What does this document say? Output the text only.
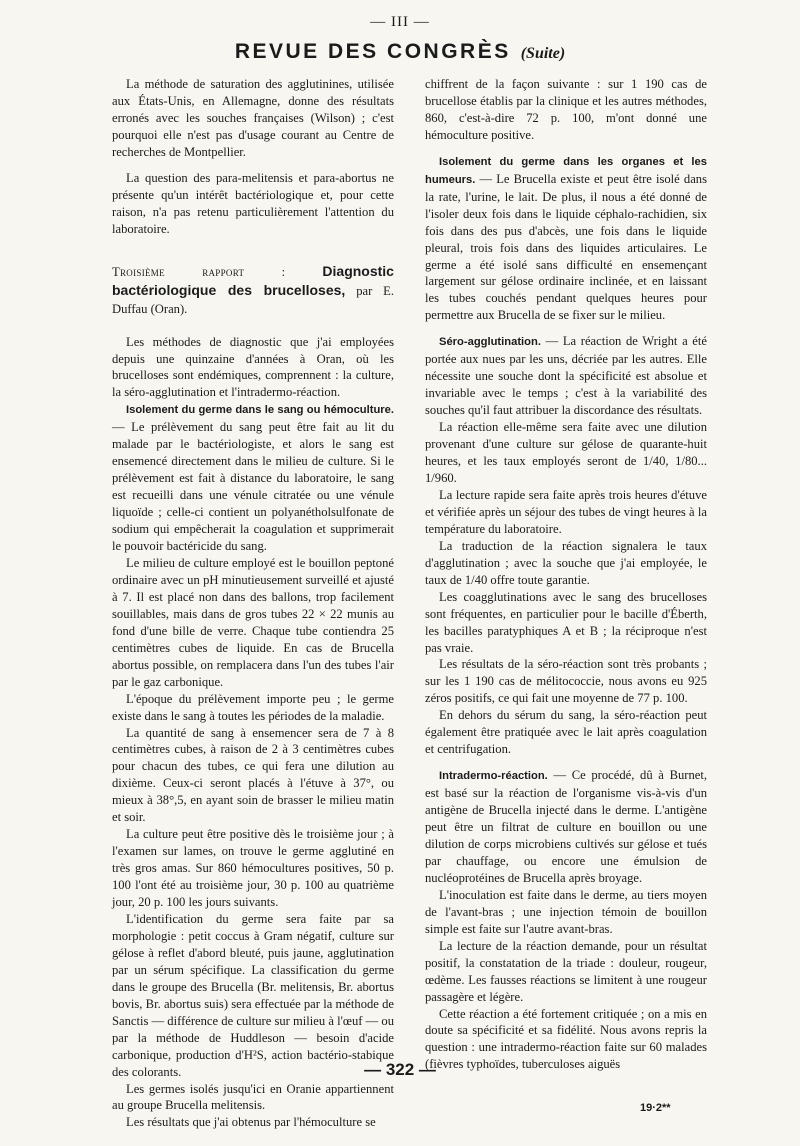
— III —
REVUE DES CONGRÈS (Suite)

La méthode de saturation des agglutinines, utilisée aux États-Unis, en Allemagne, donne des résultats erronés avec les souches françaises (Wilson) ; c'est pourquoi elle n'est pas d'usage courant au Centre de recherches de Montpellier.

La question des para-melitensis et para-abortus ne présente qu'un intérêt bactériologique et, pour cette raison, n'a pas retenu particulièrement l'attention du laboratoire.

Troisième rapport :	Diagnostic bactériologique des brucelloses, par E. Duffau (Oran).

Les méthodes de diagnostic que j'ai employées depuis une quinzaine d'années à Oran, où les brucelloses sont endémiques, comprennent : la culture, la séro-agglutination et l'intradermo-réaction.

Isolement du germe dans le sang ou hémoculture. — Le prélèvement du sang peut être fait au lit du malade par le bactériologiste, et alors le sang est ensemencé directement dans le milieu de culture. Si le prélèvement est fait à distance du laboratoire, le sang est recueilli dans une vénule citratée ou une vénule liquoïde ; celle-ci contient un polyanétholsulfonate de sodium qui empêcherait la coagulation et supprimerait le pouvoir bactéricide du sang.

Le milieu de culture employé est le bouillon peptoné ordinaire avec un pH minutieusement surveillé et ajusté à 7. Il est placé non dans des ballons, trop facilement souillables, mais dans de gros tubes 22 × 22 munis au fond d'une bille de verre. Chaque tube contiendra 25 centimètres cubes de liquide. En cas de Brucella abortus possible, on remplacera dans l'un des tubes l'air par le gaz carbonique.

L'époque du prélèvement importe peu ; le germe existe dans le sang à toutes les périodes de la maladie.

La quantité de sang à ensemencer sera de 7 à 8 centimètres cubes, à raison de 2 à 3 centimètres cubes pour chacun des tubes, ce qui fera une dilution au dixième. Ceux-ci seront placés à l'étuve à 37°, ou mieux à 38°,5, en ayant soin de brasser le milieu matin et soir.

La culture peut être positive dès le troisième jour ; à l'examen sur lames, on trouve le germe agglutiné en très gros amas. Sur 860 hémocultures positives, 50 p. 100 l'ont été au troisième jour, 30 p. 100 au quatrième jour, 20 p. 100 les jours suivants.

L'identification du germe sera faite par sa morphologie : petit coccus à Gram négatif, culture sur gélose à reflet d'abord bleuté, puis jaune, agglutination par un sérum spécifique. La classification du germe dans le groupe des Brucella (Br. melitensis, Br. abortus bovis, Br. abortus suis) sera effectuée par la méthode de Sanctis — différence de culture sur milieu à l'œuf — ou par la méthode de Huddleson — besoin d'acide carbonique, production d'H²S, action bactério-stabique des colorants.

Les germes isolés jusqu'ici en Oranie appartiennent au groupe Brucella melitensis.

Les résultats que j'ai obtenus par l'hémoculture se

chiffrent de la façon suivante : sur 1 190 cas de brucellose établis par la clinique et les autres méthodes, 860, c'est-à-dire 72 p. 100, m'ont donné une hémoculture positive.

Isolement du germe dans les organes et les humeurs. — Le Brucella existe et peut être isolé dans la rate, l'urine, le lait. De plus, il nous a été donné de l'isoler deux fois dans le liquide céphalo-rachidien, six fois dans des pus d'abcès, une fois dans le liquide pleural, trois fois dans des liquides articulaires. Le germe a été isolé sans difficulté en ensemençant largement sur gélose ordinaire inclinée, et en laissant les tubes couchés pendant quelques heures pour permettre aux Brucella de se fixer sur le milieu.

Séro-agglutination. — La réaction de Wright a été portée aux nues par les uns, décriée par les autres. Elle nécessite une souche dont la spécificité est absolue et invariable avec le temps ; c'est à la variabilité des souches qu'il faut attribuer la discordance des résultats.

La réaction elle-même sera faite avec une dilution provenant d'une culture sur gélose de quarante-huit heures, et les taux employés seront de 1/40, 1/80... 1/960.

La lecture rapide sera faite après trois heures d'étuve et vérifiée après un séjour des tubes de vingt heures à la température du laboratoire.

La traduction de la réaction signalera le taux d'agglutination ; avec la souche que j'ai employée, le taux de 1/40 offre toute garantie.

Les coagglutinations avec le sang des brucelloses sont fréquentes, en particulier pour le bacille d'Éberth, les bacilles paratyphiques A et B ; la réciproque n'est pas vraie.

Les résultats de la séro-réaction sont très probants ; sur les 1 190 cas de mélitococcie, nous avons eu 925 zéros positifs, ce qui fait une moyenne de 77 p. 100.

En dehors du sérum du sang, la séro-réaction peut également être pratiquée avec le lait après coagulation et centrifugation.

Intradermo-réaction. — Ce procédé, dû à Burnet, est basé sur la réaction de l'organisme vis-à-vis d'un antigène de Brucella injecté dans le derme. L'antigène peut être un filtrat de culture en bouillon ou une dilution de corps microbiens cultivés sur gélose et tués par chauffage, ou encore une émulsion de nucléoprotéines de Brucella après broyage.

L'inoculation est faite dans le derme, au tiers moyen de l'avant-bras ; une injection témoin de bouillon simple est faite sur l'autre avant-bras.

La lecture de la réaction demande, pour un résultat positif, la constatation de la triade : douleur, rougeur, œdème. Les fausses réactions se limitent à une rougeur passagère et légère.

Cette réaction a été fortement critiquée ; on a mis en doute sa spécificité et sa fidélité. Nous avons repris la question : une intradermo-réaction faite sur 60 malades (fièvres typhoïdes, tuberculoses aiguës

— 322 —
19·2**
